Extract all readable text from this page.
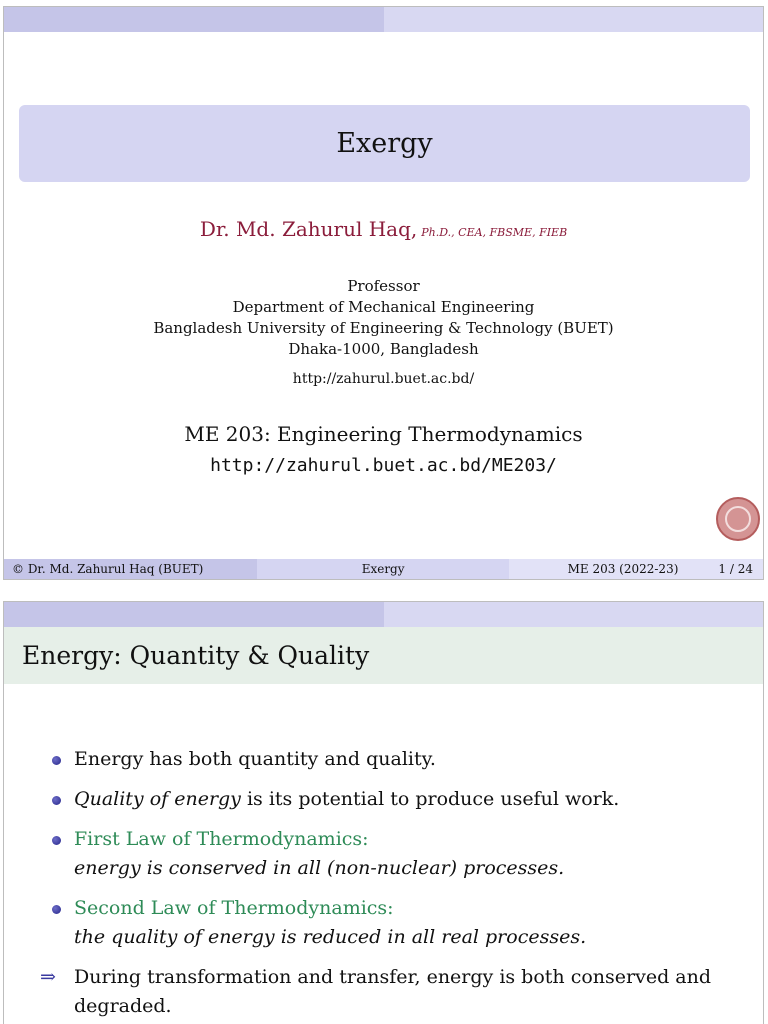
Exergy
Dr. Md. Zahurul Haq, Ph.D., CEA, FBSME, FIEB
Professor
Department of Mechanical Engineering
Bangladesh University of Engineering & Technology (BUET)
Dhaka-1000, Bangladesh
http://zahurul.buet.ac.bd/
ME 203: Engineering Thermodynamics
http://zahurul.buet.ac.bd/ME203/
© Dr. Md. Zahurul Haq (BUET)	Exergy	ME 203 (2022-23)	1 / 24
Energy: Quantity & Quality
Energy has both quantity and quality.
Quality of energy is its potential to produce useful work.
First Law of Thermodynamics:
energy is conserved in all (non-nuclear) processes.
Second Law of Thermodynamics:
the quality of energy is reduced in all real processes.
⇒ During transformation and transfer, energy is both conserved and degraded.
